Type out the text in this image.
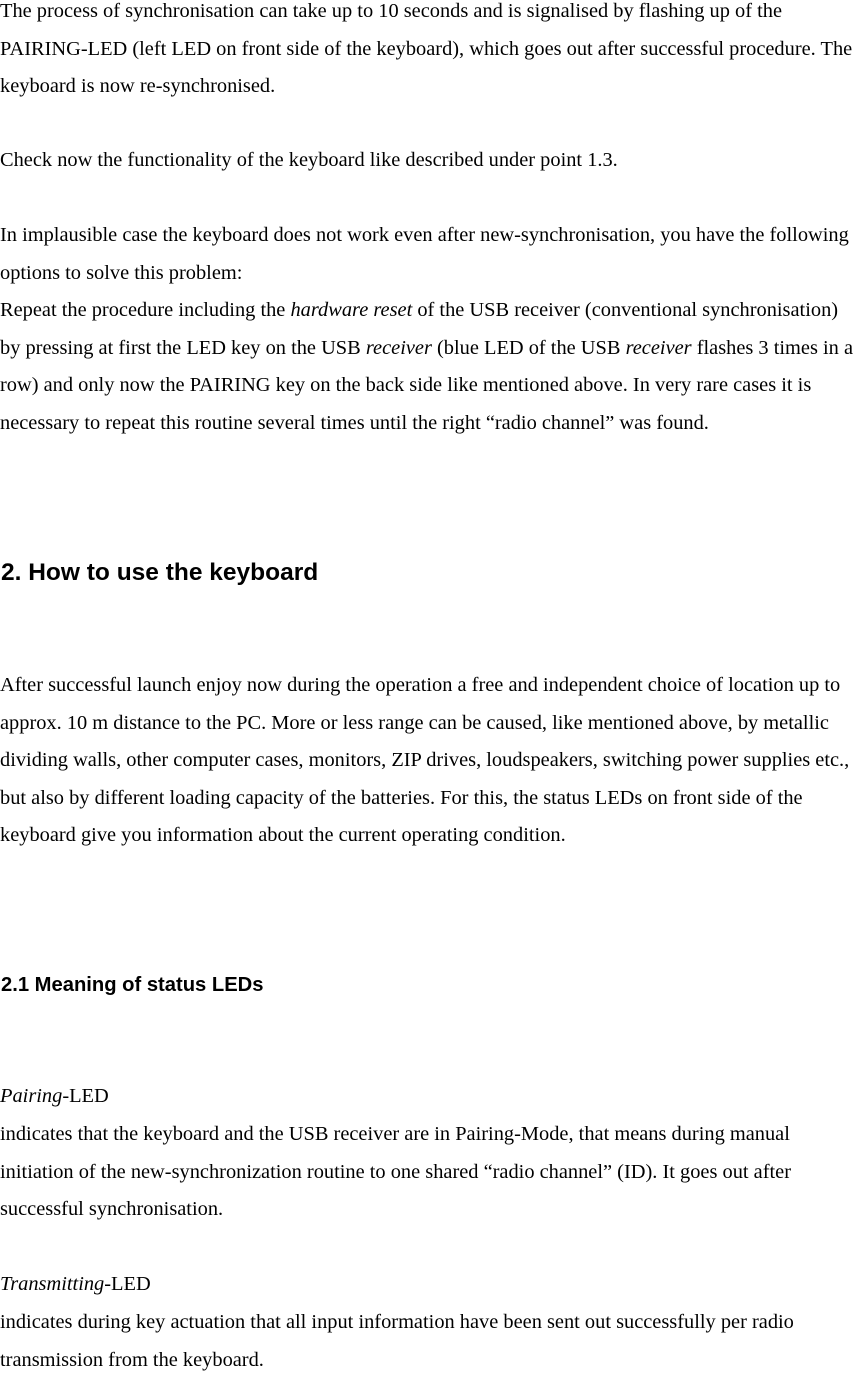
The process of synchronisation can take up to 10 seconds and is signalised by flashing up of the PAIRING-LED (left LED on front side of the keyboard), which goes out after successful procedure. The keyboard is now re-synchronised.

Check now the functionality of the keyboard like described under point 1.3.

In implausible case the keyboard does not work even after new-synchronisation, you have the following options to solve this problem:

Repeat the procedure including the hardware reset of the USB receiver (conventional synchronisation) by pressing at first the LED key on the USB receiver (blue LED of the USB receiver flashes 3 times in a row) and only now the PAIRING key on the back side like mentioned above. In very rare cases it is necessary to repeat this routine several times until the right “radio channel” was found.

2. How to use the keyboard

After successful launch enjoy now during the operation a free and independent choice of location up to approx. 10 m distance to the PC. More or less range can be caused, like mentioned above, by metallic dividing walls, other computer cases, monitors, ZIP drives, loudspeakers, switching power supplies etc., but also by different loading capacity of the batteries. For this, the status LEDs on front side of the keyboard give you information about the current operating condition.

2.1 Meaning of status LEDs

Pairing-LED

indicates that the keyboard and the USB receiver are in Pairing-Mode, that means during manual initiation of the new-synchronization routine to one shared “radio channel” (ID). It goes out after successful synchronisation.

Transmitting-LED

indicates during key actuation that all input information have been sent out successfully per radio transmission from the keyboard.
